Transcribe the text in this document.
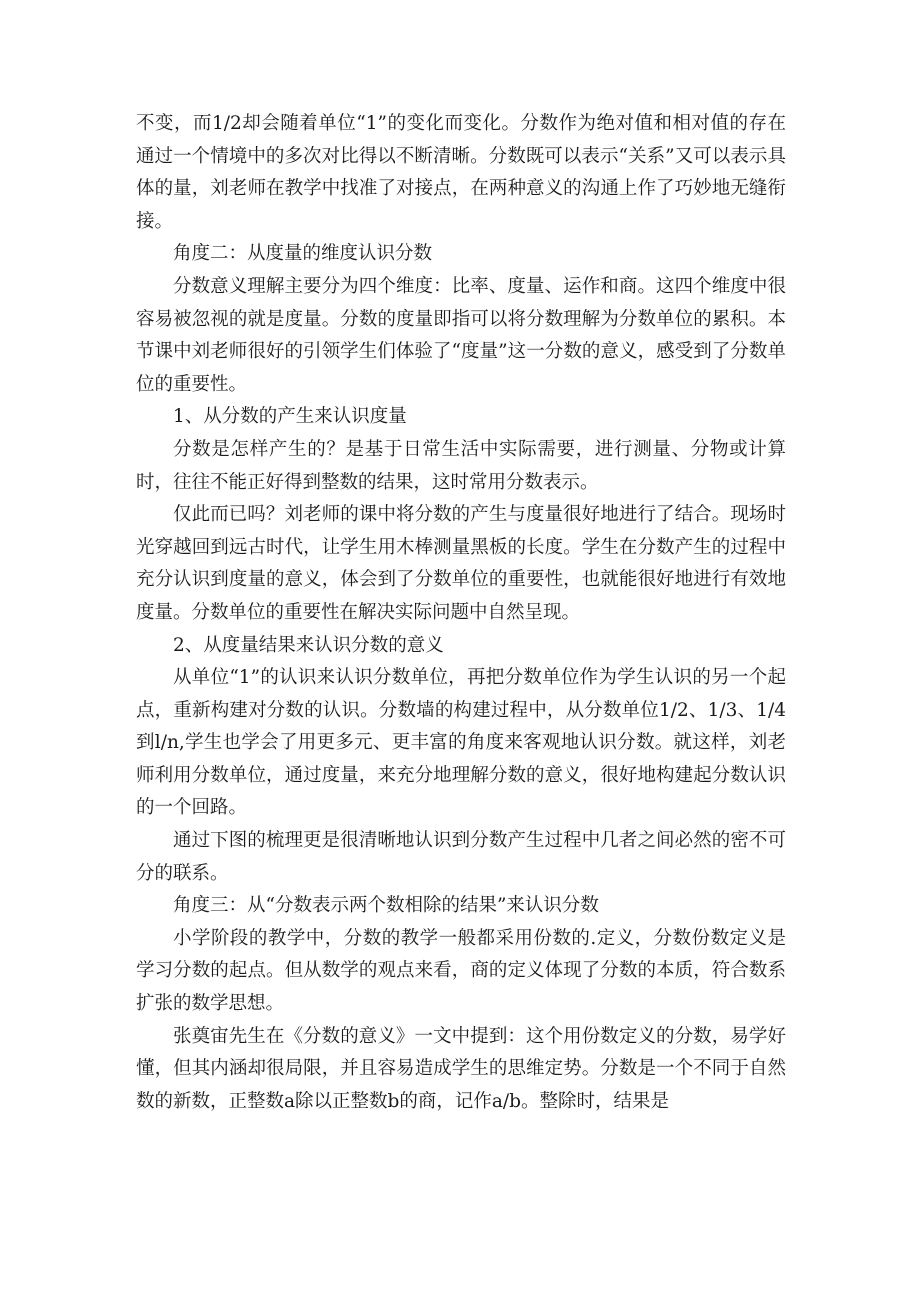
不变，而1/2却会随着单位“1”的变化而变化。分数作为绝对值和相对值的存在通过一个情境中的多次对比得以不断清晰。分数既可以表示“关系”又可以表示具体的量，刘老师在教学中找准了对接点，在两种意义的沟通上作了巧妙地无缝衔接。

角度二：从度量的维度认识分数

分数意义理解主要分为四个维度：比率、度量、运作和商。这四个维度中很容易被忽视的就是度量。分数的度量即指可以将分数理解为分数单位的累积。本节课中刘老师很好的引领学生们体验了“度量”这一分数的意义，感受到了分数单位的重要性。

1、从分数的产生来认识度量

分数是怎样产生的？是基于日常生活中实际需要，进行测量、分物或计算时，往往不能正好得到整数的结果，这时常用分数表示。

仅此而已吗？刘老师的课中将分数的产生与度量很好地进行了结合。现场时光穿越回到远古时代，让学生用木棒测量黑板的长度。学生在分数产生的过程中充分认识到度量的意义，体会到了分数单位的重要性，也就能很好地进行有效地度量。分数单位的重要性在解决实际问题中自然呈现。

2、从度量结果来认识分数的意义

从单位“1”的认识来认识分数单位，再把分数单位作为学生认识的另一个起点，重新构建对分数的认识。分数墙的构建过程中，从分数单位1/2、1/3、1/4到l/n,学生也学会了用更多元、更丰富的角度来客观地认识分数。就这样，刘老师利用分数单位，通过度量，来充分地理解分数的意义，很好地构建起分数认识的一个回路。

通过下图的梳理更是很清晰地认识到分数产生过程中几者之间必然的密不可分的联系。

角度三：从“分数表示两个数相除的结果”来认识分数

小学阶段的教学中，分数的教学一般都采用份数的.定义，分数份数定义是学习分数的起点。但从数学的观点来看，商的定义体现了分数的本质，符合数系扩张的数学思想。

张奠宙先生在《分数的意义》一文中提到：这个用份数定义的分数，易学好懂，但其内涵却很局限，并且容易造成学生的思维定势。分数是一个不同于自然数的新数，正整数a除以正整数b的商，记作a/b。整除时，结果是
